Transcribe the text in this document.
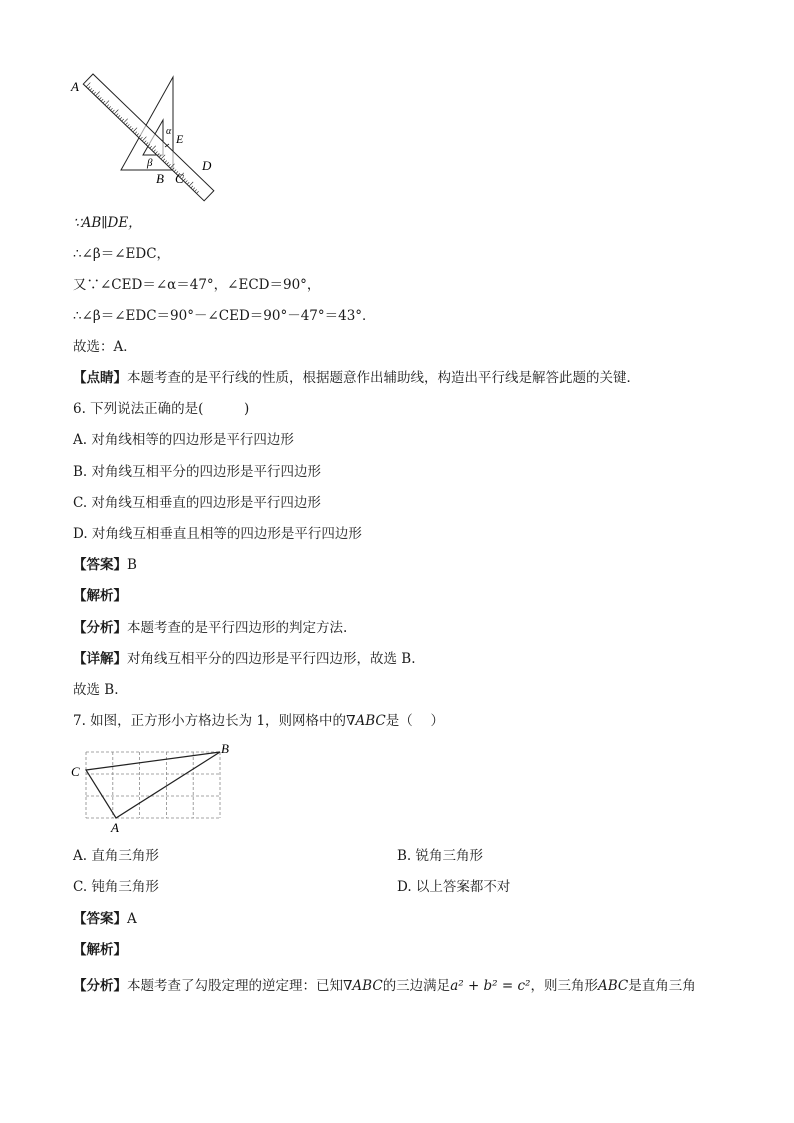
A
α
E
β	D
B C
∵AB∥DE，
∴∠β＝∠EDC，
又∵∠CED＝∠α＝47°，∠ECD＝90°，
∴∠β＝∠EDC＝90°－∠CED＝90°－47°＝43°．
故选：A．
【点睛】本题考查的是平行线的性质，根据题意作出辅助线，构造出平行线是解答此题的关键．
6. 下列说法正确的是(　　　)
A. 对角线相等的四边形是平行四边形
B. 对角线互相平分的四边形是平行四边形
C. 对角线互相垂直的四边形是平行四边形
D. 对角线互相垂直且相等的四边形是平行四边形
【答案】B
【解析】
【分析】本题考查的是平行四边形的判定方法.
【详解】对角线互相平分的四边形是平行四边形，故选 B.
故选 B.
7. 如图，正方形小方格边长为 1，则网格中的∇ABC是（　 ）
C
B
A
A. 直角三角形	B. 锐角三角形
C. 钝角三角形	D. 以上答案都不对
【答案】A
【解析】
【分析】本题考查了勾股定理的逆定理：已知∇ABC的三边满足a² + b² = c²，则三角形ABC是直角三角
